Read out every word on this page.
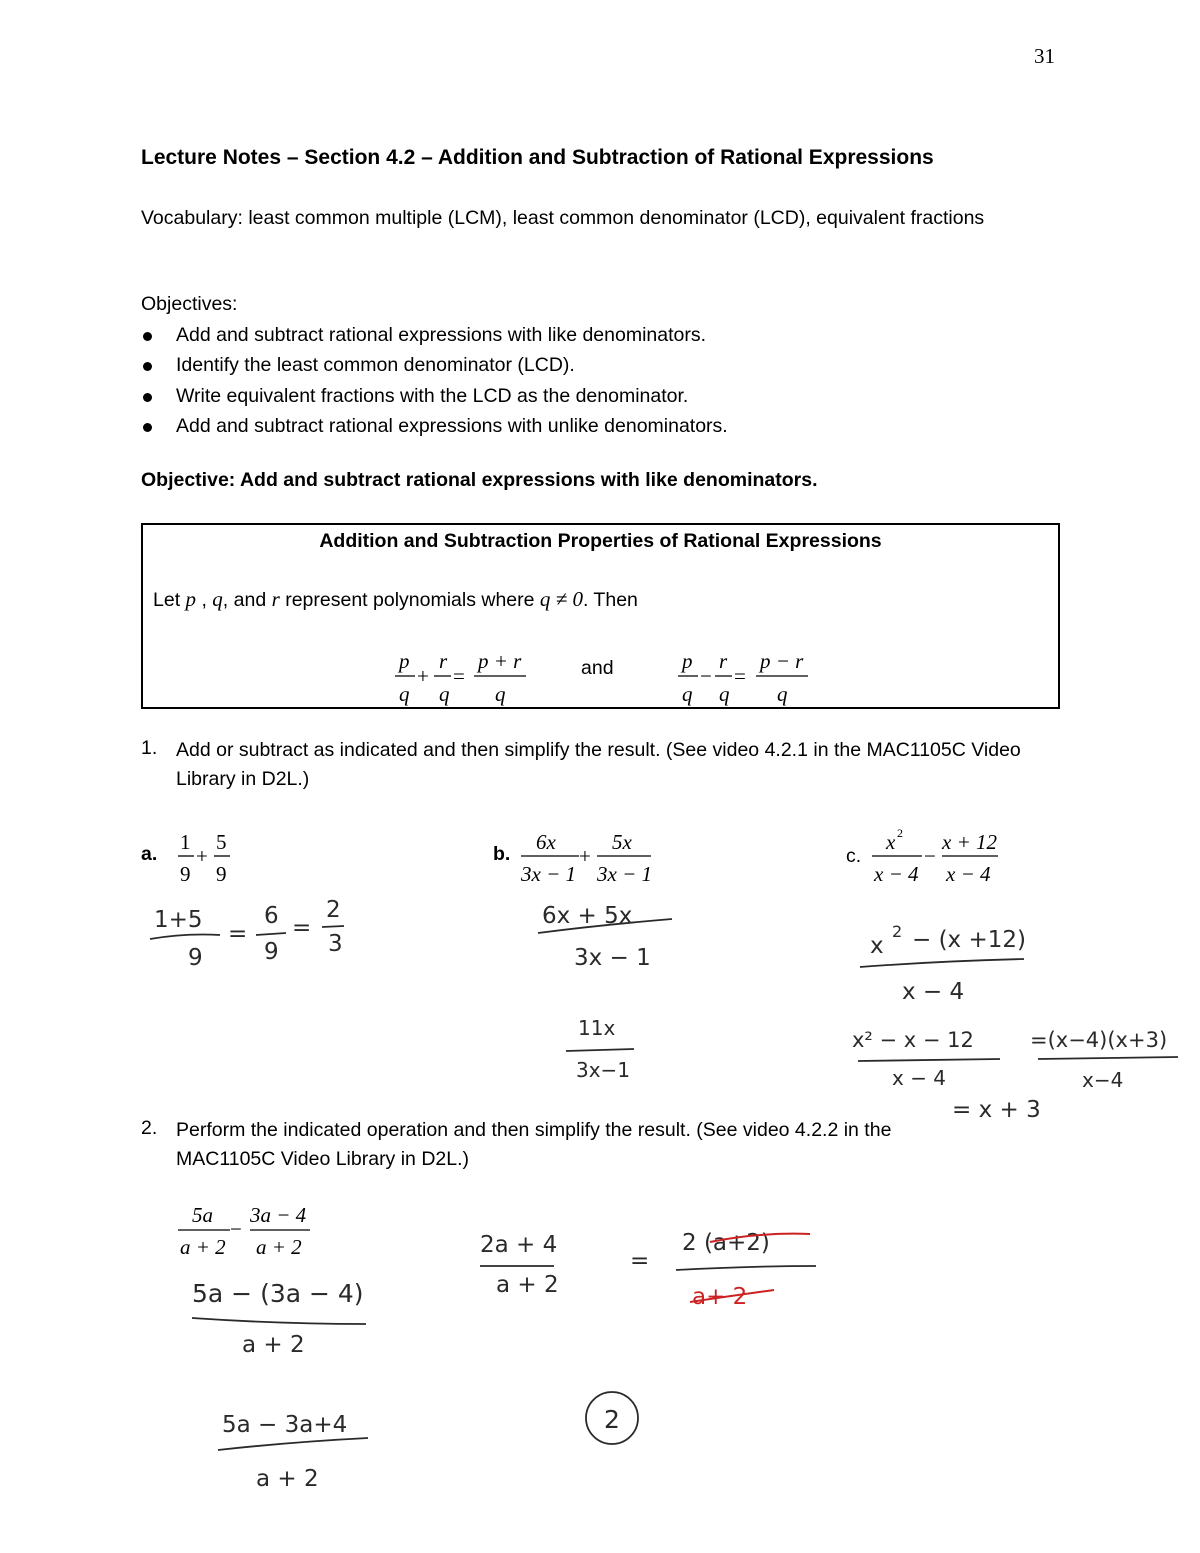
31
Lecture Notes – Section 4.2 – Addition and Subtraction of Rational Expressions
Vocabulary: least common multiple (LCM), least common denominator (LCD), equivalent fractions
Objectives:
Add and subtract rational expressions with like denominators.
Identify the least common denominator (LCD).
Write equivalent fractions with the LCD as the denominator.
Add and subtract rational expressions with unlike denominators.
Objective: Add and subtract rational expressions with like denominators.
Addition and Subtraction Properties of Rational Expressions
Let p , q, and r represent polynomials where q ≠ 0. Then
p
q
+
r
q
=
p + r
q
and	p
q
−
r
q
=
p − r
q
1. Add or subtract as indicated and then simplify the result. (See video 4.2.1 in the MAC1105C Video Library in D2L.)
a. 1
9
+
5
9
b. 6x
3x − 1
+
5x
3x − 1
c.
x 2
x − 4
−
x + 12
x − 4
1+5
9
=
6
9
=
2
3
6x + 5x
3x − 1
11x
3x−1
x
2 − (x +12)
x − 4
x² − x − 12
x − 4
=(x−4)(x+3)
x−4
= x + 3
2. Perform the indicated operation and then simplify the result. (See video 4.2.2 in the MAC1105C Video Library in D2L.)
5a
a + 2
−
3a − 4
a + 2
5a − (3a − 4)
a + 2
2a + 4
a + 2
=
2 (a+2)
a+ 2
5a − 3a+4
a + 2
2
